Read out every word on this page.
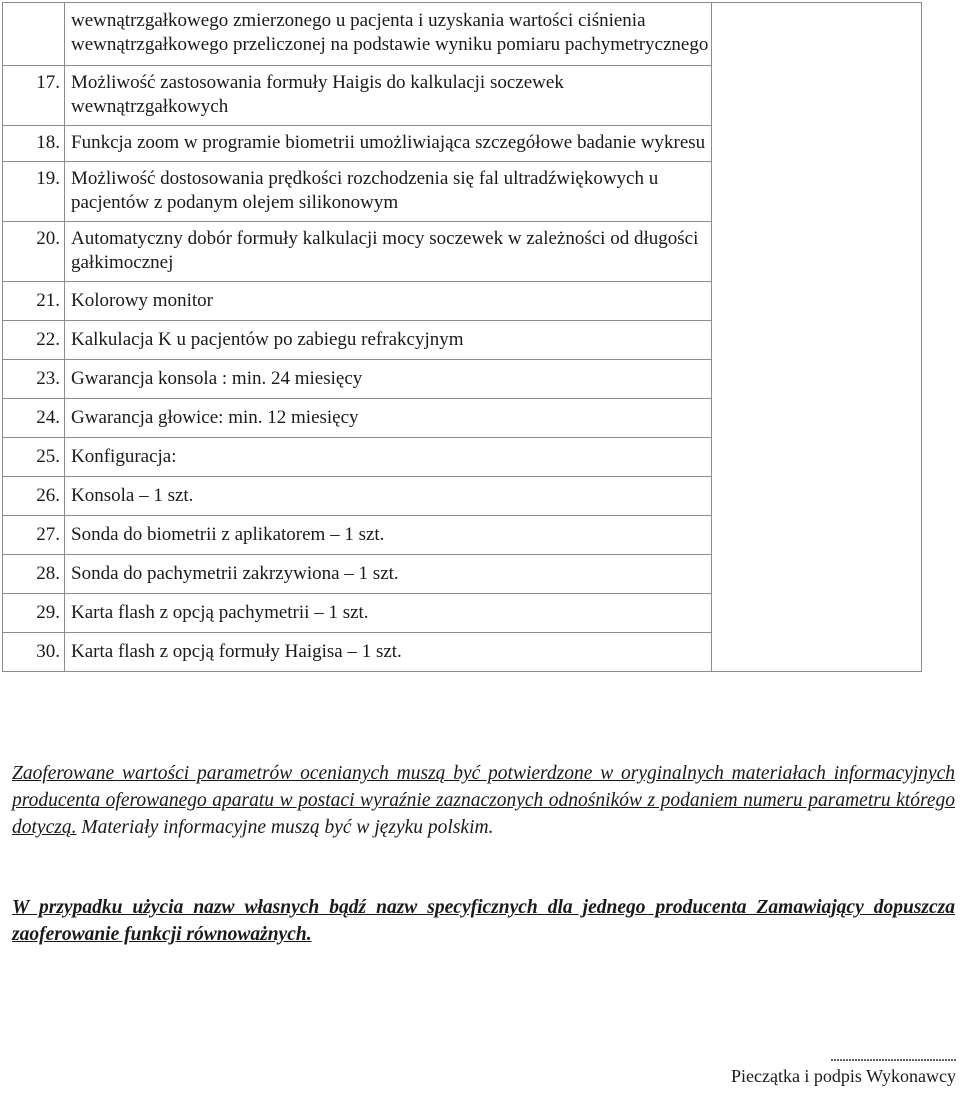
	wewnątrzgałkowego zmierzonego u pacjenta i uzyskania wartości ciśnienia wewnątrzgałkowego przeliczonej na podstawie wyniku pomiaru pachymetrycznego	
17.	Możliwość zastosowania formuły Haigis do kalkulacji soczewek wewnątrzgałkowych	
18.	Funkcja zoom w programie biometrii umożliwiająca szczegółowe badanie wykresu	
19.	Możliwość dostosowania prędkości rozchodzenia się fal ultradźwiękowych u pacjentów z podanym olejem silikonowym	
20.	Automatyczny dobór formuły kalkulacji mocy soczewek w zależności od długości gałkimocznej	
21.	Kolorowy monitor	
22.	Kalkulacja K u pacjentów po zabiegu refrakcyjnym	
23.	Gwarancja konsola : min. 24 miesięcy	
24.	Gwarancja głowice: min. 12 miesięcy	
25.	Konfiguracja:	
26.	Konsola – 1 szt.	
27.	Sonda do biometrii z aplikatorem – 1 szt.	
28.	Sonda do pachymetrii zakrzywiona – 1 szt.	
29.	Karta flash z opcją pachymetrii – 1 szt.	
30.	Karta flash z opcją formuły Haigisa – 1 szt.	
Zaoferowane wartości parametrów ocenianych muszą być potwierdzone w oryginalnych materiałach informacyjnych producenta oferowanego aparatu w postaci wyraźnie zaznaczonych odnośników z podaniem numeru parametru którego dotyczą. Materiały informacyjne muszą być w języku polskim.
W przypadku użycia nazw własnych bądź nazw specyficznych dla jednego producenta Zamawiający dopuszcza zaoferowanie funkcji równoważnych.
..........................................
Pieczątka i podpis Wykonawcy
